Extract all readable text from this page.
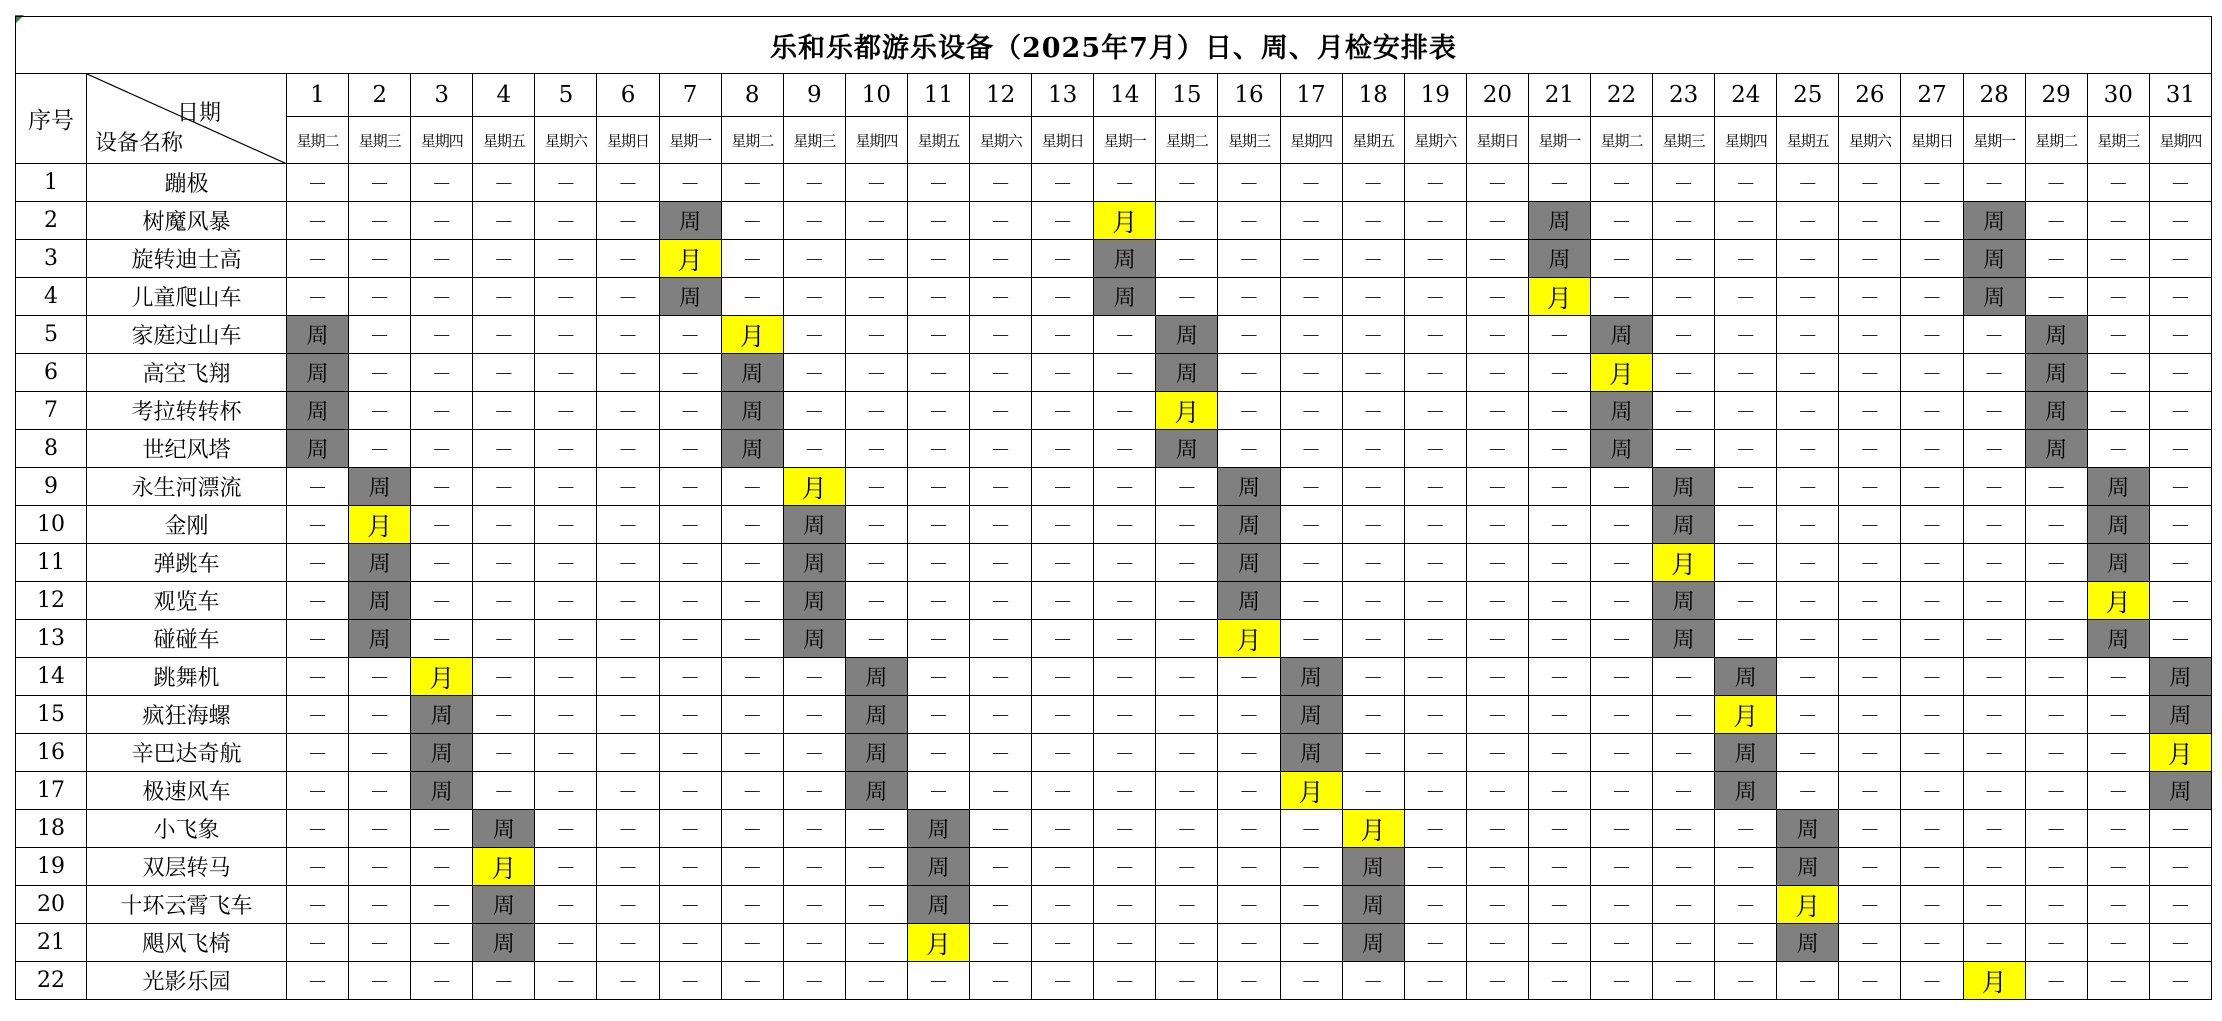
乐和乐都游乐设备（2025年7月）日、周、月检安排表																																
序号	日期
设备名称	1	2	3	4	5	6	7	8	9	10	11	12	13	14	15	16	17	18	19	20	21	22	23	24	25	26	27	28	29	30	31
		星期二	星期三	星期四	星期五	星期六	星期日	星期一	星期二	星期三	星期四	星期五	星期六	星期日	星期一	星期二	星期三	星期四	星期五	星期六	星期日	星期一	星期二	星期三	星期四	星期五	星期六	星期日	星期一	星期二	星期三	星期四
1	蹦极	－	－	－	－	－	－	－	－	－	－	－	－	－	－	－	－	－	－	－	－	－	－	－	－	－	－	－	－	－	－	－
2	树魔风暴	－	－	－	－	－	－	周	－	－	－	－	－	－	月	－	－	－	－	－	－	周	－	－	－	－	－	－	周	－	－	－
3	旋转迪士高	－	－	－	－	－	－	月	－	－	－	－	－	－	周	－	－	－	－	－	－	周	－	－	－	－	－	－	周	－	－	－
4	儿童爬山车	－	－	－	－	－	－	周	－	－	－	－	－	－	周	－	－	－	－	－	－	月	－	－	－	－	－	－	周	－	－	－
5	家庭过山车	周	－	－	－	－	－	－	月	－	－	－	－	－	－	周	－	－	－	－	－	－	周	－	－	－	－	－	－	周	－	－
6	高空飞翔	周	－	－	－	－	－	－	周	－	－	－	－	－	－	周	－	－	－	－	－	－	月	－	－	－	－	－	－	周	－	－
7	考拉转转杯	周	－	－	－	－	－	－	周	－	－	－	－	－	－	月	－	－	－	－	－	－	周	－	－	－	－	－	－	周	－	－
8	世纪风塔	周	－	－	－	－	－	－	周	－	－	－	－	－	－	周	－	－	－	－	－	－	周	－	－	－	－	－	－	周	－	－
9	永生河漂流	－	周	－	－	－	－	－	－	月	－	－	－	－	－	－	周	－	－	－	－	－	－	周	－	－	－	－	－	－	周	－
10	金刚	－	月	－	－	－	－	－	－	周	－	－	－	－	－	－	周	－	－	－	－	－	－	周	－	－	－	－	－	－	周	－
11	弹跳车	－	周	－	－	－	－	－	－	周	－	－	－	－	－	－	周	－	－	－	－	－	－	月	－	－	－	－	－	－	周	－
12	观览车	－	周	－	－	－	－	－	－	周	－	－	－	－	－	－	周	－	－	－	－	－	－	周	－	－	－	－	－	－	月	－
13	碰碰车	－	周	－	－	－	－	－	－	周	－	－	－	－	－	－	月	－	－	－	－	－	－	周	－	－	－	－	－	－	周	－
14	跳舞机	－	－	月	－	－	－	－	－	－	周	－	－	－	－	－	－	周	－	－	－	－	－	－	周	－	－	－	－	－	－	周
15	疯狂海螺	－	－	周	－	－	－	－	－	－	周	－	－	－	－	－	－	周	－	－	－	－	－	－	月	－	－	－	－	－	－	周
16	辛巴达奇航	－	－	周	－	－	－	－	－	－	周	－	－	－	－	－	－	周	－	－	－	－	－	－	周	－	－	－	－	－	－	月
17	极速风车	－	－	周	－	－	－	－	－	－	周	－	－	－	－	－	－	月	－	－	－	－	－	－	周	－	－	－	－	－	－	周
18	小飞象	－	－	－	周	－	－	－	－	－	－	周	－	－	－	－	－	－	月	－	－	－	－	－	－	周	－	－	－	－	－	－
19	双层转马	－	－	－	月	－	－	－	－	－	－	周	－	－	－	－	－	－	周	－	－	－	－	－	－	周	－	－	－	－	－	－
20	十环云霄飞车	－	－	－	周	－	－	－	－	－	－	周	－	－	－	－	－	－	周	－	－	－	－	－	－	月	－	－	－	－	－	－
21	飓风飞椅	－	－	－	周	－	－	－	－	－	－	月	－	－	－	－	－	－	周	－	－	－	－	－	－	周	－	－	－	－	－	－
22	光影乐园	－	－	－	－	－	－	－	－	－	－	－	－	－	－	－	－	－	－	－	－	－	－	－	－	－	－	－	月	－	－	－
